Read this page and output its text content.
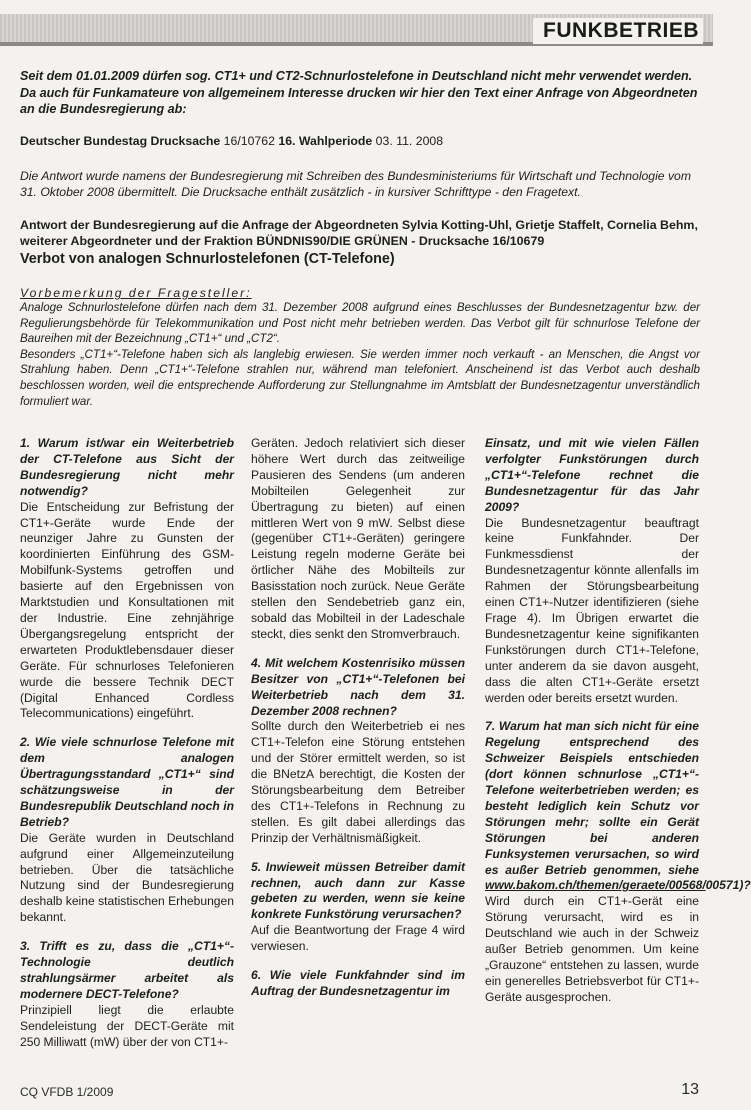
FUNKBETRIEB

Seit dem 01.01.2009 dürfen sog. CT1+ und CT2-Schnurlostelefone in Deutschland nicht mehr verwendet werden. Da auch für Funkamateure von allgemeinem Interesse drucken wir hier den Text einer Anfrage von Abgeordneten an die Bundesregierung ab:

Deutscher Bundestag Drucksache 16/10762 16. Wahlperiode 03. 11. 2008

Die Antwort wurde namens der Bundesregierung mit Schreiben des Bundesministeriums für Wirtschaft und Technologie vom 31. Oktober 2008 übermittelt. Die Drucksache enthält zusätzlich - in kursiver Schrifttype - den Fragetext.

Antwort der Bundesregierung auf die Anfrage der Abgeordneten Sylvia Kotting-Uhl, Grietje Staffelt, Cornelia Behm, weiterer Abgeordneter und der Fraktion BÜNDNIS90/DIE GRÜNEN - Drucksache 16/10679

Verbot von analogen Schnurlostelefonen (CT-Telefone)

Vorbemerkung der Fragesteller:

Analoge Schnurlostelefone dürfen nach dem 31. Dezember 2008 aufgrund eines Beschlusses der Bundesnetzagentur bzw. der Regulierungsbehörde für Telekommunikation und Post nicht mehr betrieben werden. Das Verbot gilt für schnurlose Telefone der Baureihen mit der Bezeichnung „CT1+“ und „CT2“.

Besonders „CT1+“-Telefone haben sich als langlebig erwiesen. Sie werden immer noch verkauft - an Menschen, die Angst vor Strahlung haben. Denn „CT1+“-Telefone strahlen nur, während man telefoniert. Anscheinend ist das Verbot auch deshalb beschlossen worden, weil die entsprechende Aufforderung zur Stellungnahme im Amtsblatt der Bundesnetzagentur unverständlich formuliert war.

1. Warum ist/war ein Weiterbetrieb der CT-Telefone aus Sicht der Bundesregierung nicht mehr notwendig?

Die Entscheidung zur Befristung der CT1+-Geräte wurde Ende der neunziger Jahre zu Gunsten der koordinierten Einführung des GSM-Mobilfunk-Systems getroffen und basierte auf den Ergebnissen von Marktstudien und Konsultationen mit der Industrie. Eine zehnjährige Übergangsregelung entspricht der erwarteten Produktlebensdauer dieser Geräte. Für schnurloses Telefonieren wurde die bessere Technik DECT (Digital Enhanced Cordless Telecommunications) eingeführt.

2. Wie viele schnurlose Telefone mit dem analogen Übertragungsstandard „CT1+“ sind schätzungsweise in der Bundesrepublik Deutschland noch in Betrieb?

Die Geräte wurden in Deutschland aufgrund einer Allgemeinzuteilung betrieben. Über die tatsächliche Nutzung sind der Bundesregierung deshalb keine statistischen Erhebungen bekannt.

3. Trifft es zu, dass die „CT1+“-Technologie deutlich strahlungsärmer arbeitet als modernere DECT-Telefone?

Prinzipiell liegt die erlaubte Sendeleistung der DECT-Geräte mit 250 Milliwatt (mW) über der von CT1+-

Geräten. Jedoch relativiert sich dieser höhere Wert durch das zeitweilige Pausieren des Sendens (um anderen Mobilteilen Gelegenheit zur Übertragung zu bieten) auf einen mittleren Wert von 9 mW. Selbst diese (gegenüber CT1+-Geräten) geringere Leistung regeln moderne Geräte bei örtlicher Nähe des Mobilteils zur Basisstation noch zurück. Neue Geräte stellen den Sendebetrieb ganz ein, sobald das Mobilteil in der Ladeschale steckt, dies senkt den Stromverbrauch.

4. Mit welchem Kostenrisiko müssen Besitzer von „CT1+“-Telefonen bei Weiterbetrieb nach dem 31. Dezember 2008 rechnen?

Sollte durch den Weiterbetrieb ei nes CT1+-Telefon eine Störung entstehen und der Störer ermittelt werden, so ist die BNetzA berechtigt, die Kosten der Störungsbearbeitung dem Betreiber des CT1+-Telefons in Rechnung zu stellen. Es gilt dabei allerdings das Prinzip der Verhältnismäßigkeit.

5. Inwieweit müssen Betreiber damit rechnen, auch dann zur Kasse gebeten zu werden, wenn sie keine konkrete Funkstörung verursachen?

Auf die Beantwortung der Frage 4 wird verwiesen.

6. Wie viele Funkfahnder sind im Auftrag der Bundesnetzagentur im

Einsatz, und mit wie vielen Fällen verfolgter Funkstörungen durch „CT1+“-Telefone rechnet die Bundesnetzagentur für das Jahr 2009?

Die Bundesnetzagentur beauftragt keine Funkfahnder. Der Funkmessdienst der Bundesnetzagentur könnte allenfalls im Rahmen der Störungsbearbeitung einen CT1+-Nutzer identifizieren (siehe Frage 4). Im Übrigen erwartet die Bundesnetzagentur keine signifikanten Funkstörungen durch CT1+-Telefone, unter anderem da sie davon ausgeht, dass die alten CT1+-Geräte ersetzt werden oder bereits ersetzt wurden.

7. Warum hat man sich nicht für eine Regelung entsprechend des Schweizer Beispiels entschieden (dort können schnurlose „CT1+“-Telefone weiterbetrieben werden; es besteht lediglich kein Schutz vor Störungen mehr; sollte ein Gerät Störungen bei anderen Funksystemen verursachen, so wird es außer Betrieb genommen, siehe www.bakom.ch/themen/geraete/00568/00571)?

Wird durch ein CT1+-Gerät eine Störung verursacht, wird es in Deutschland wie auch in der Schweiz außer Betrieb genommen. Um keine „Grauzone“ entstehen zu lassen, wurde ein generelles Betriebsverbot für CT1+-Geräte ausgesprochen.

CQ VFDB 1/2009	13
